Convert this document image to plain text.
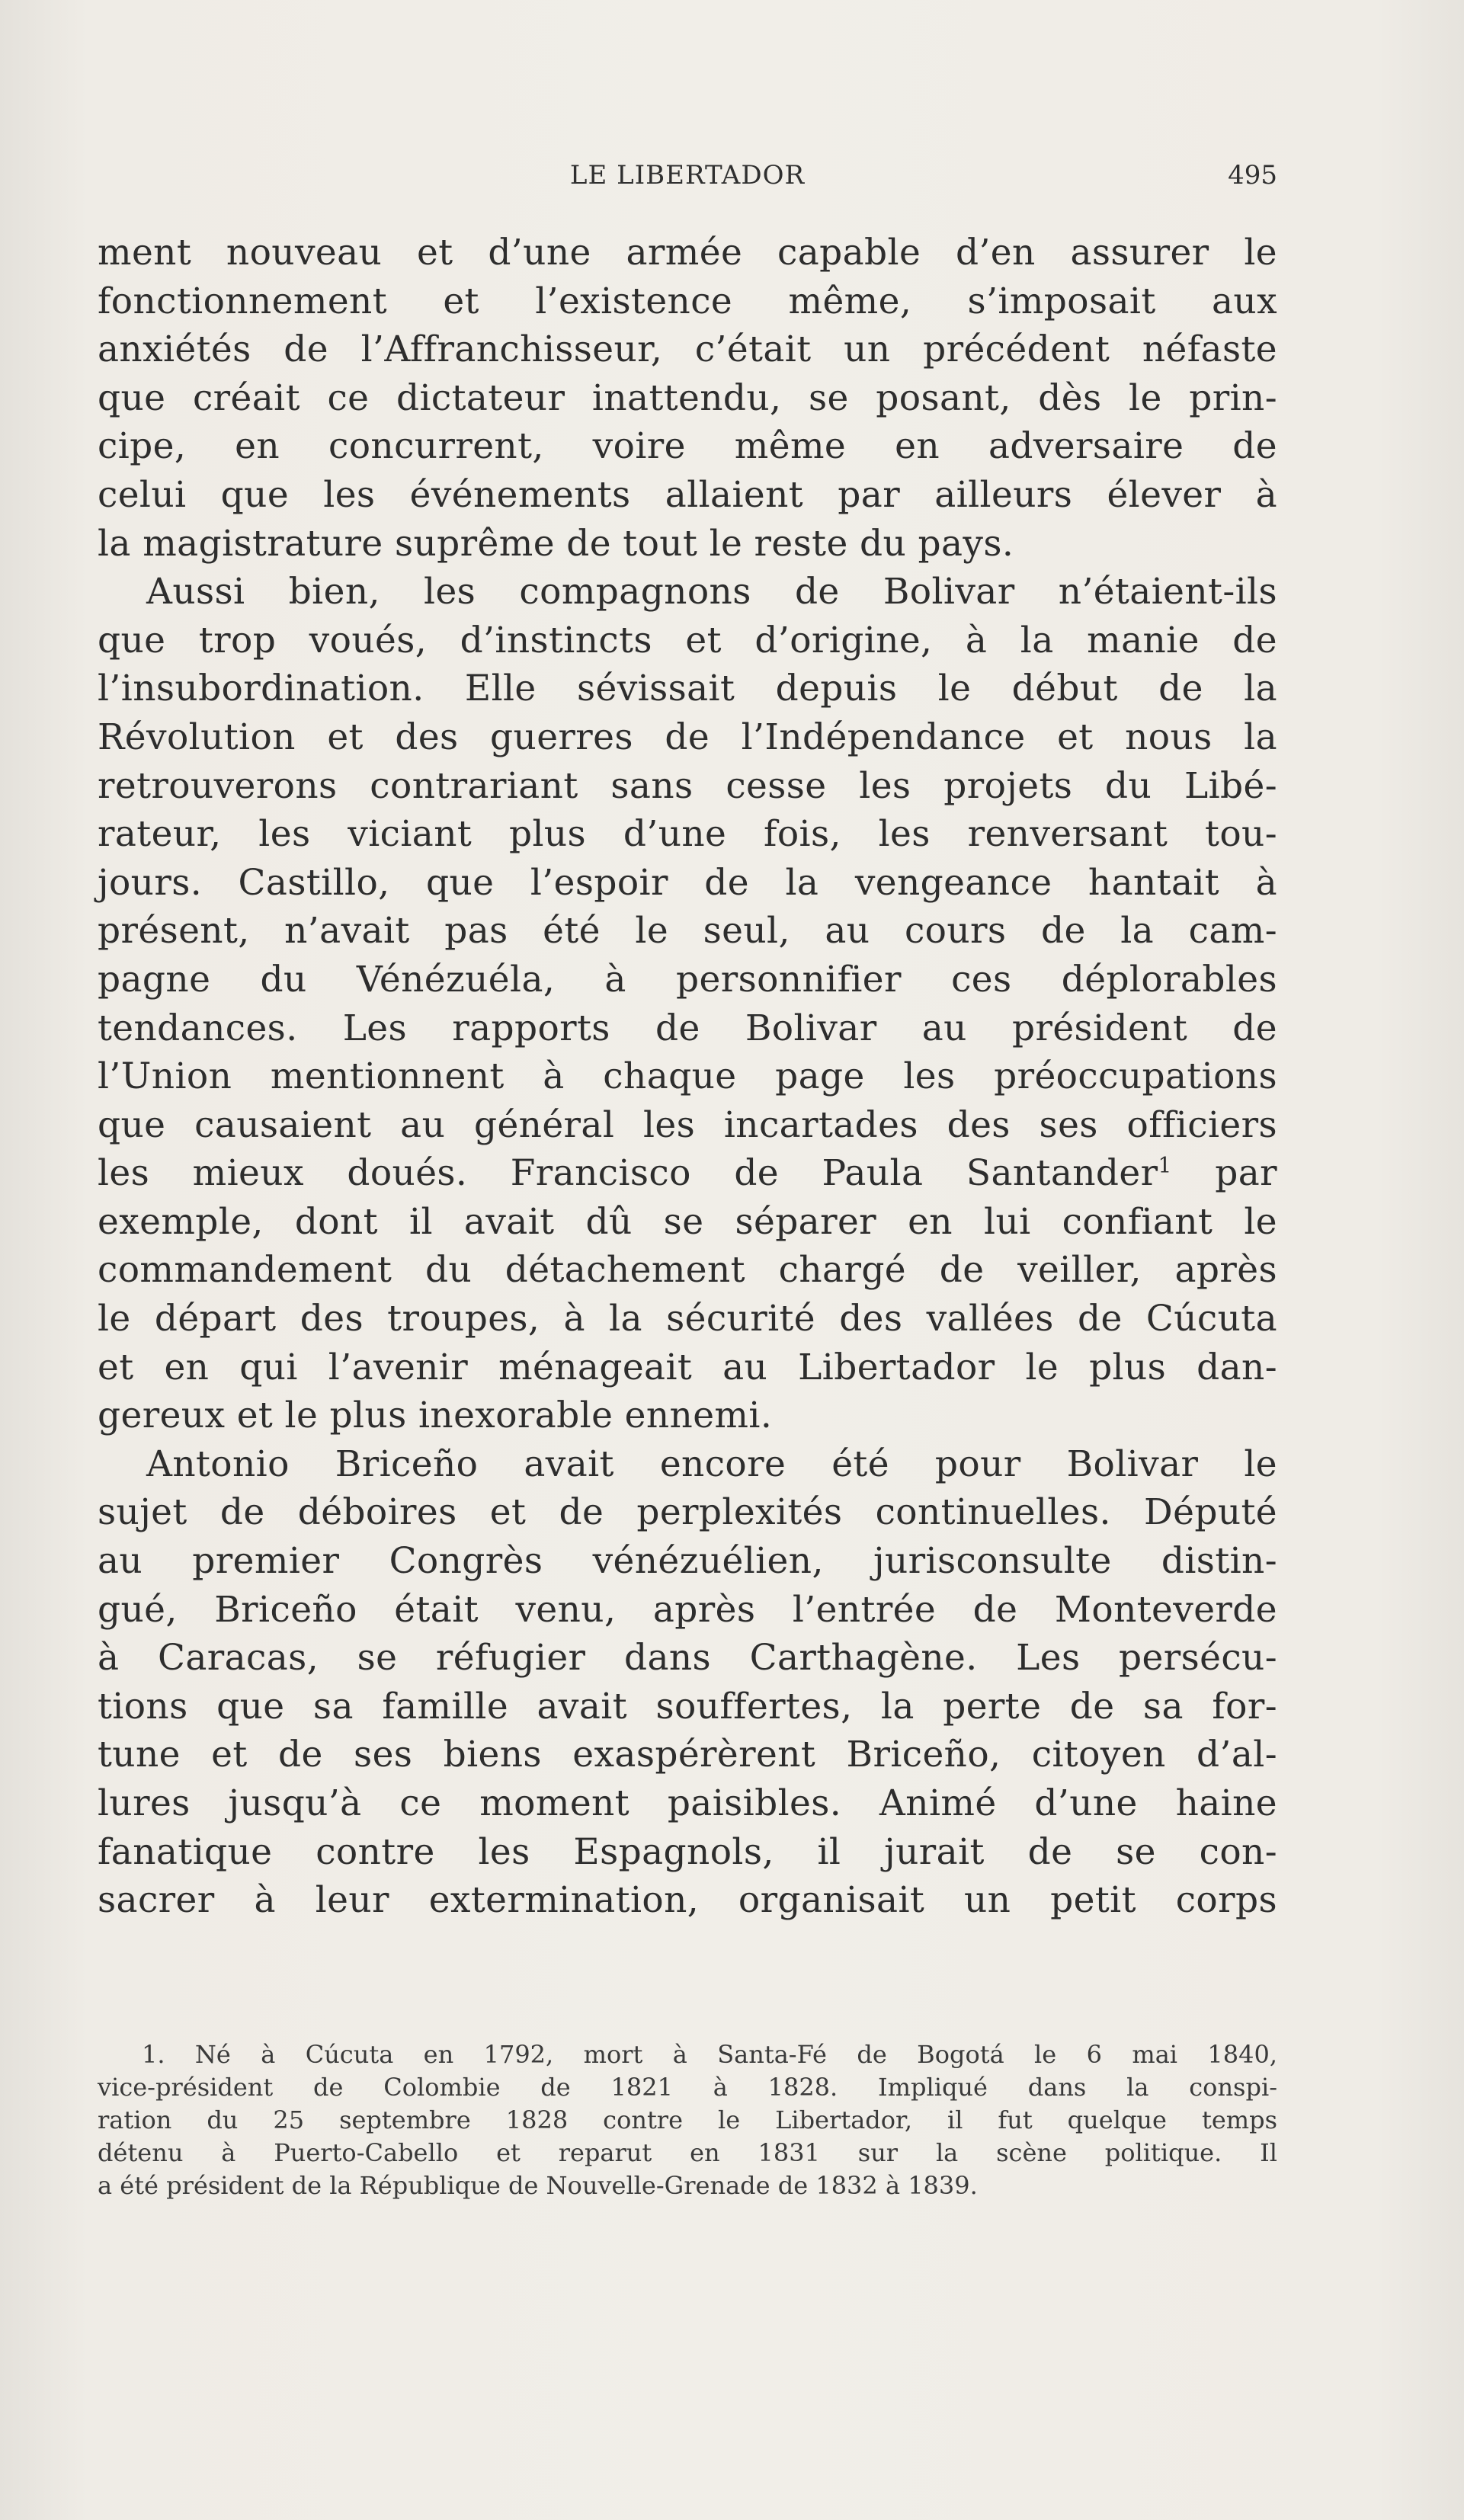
LE LIBERTADOR	495
ment nouveau et d’une armée capable d’en assurer le
fonctionnement et l’existence même, s’imposait aux
anxiétés de l’Affranchisseur, c’était un précédent néfaste
que créait ce dictateur inattendu, se posant, dès le prin-
cipe, en concurrent, voire même en adversaire de
celui que les événements allaient par ailleurs élever à
la magistrature suprême de tout le reste du pays.
Aussi bien, les compagnons de Bolivar n’étaient-ils
que trop voués, d’instincts et d’origine, à la manie de
l’insubordination. Elle sévissait depuis le début de la
Révolution et des guerres de l’Indépendance et nous la
retrouverons contrariant sans cesse les projets du Libé-
rateur, les viciant plus d’une fois, les renversant tou-
jours. Castillo, que l’espoir de la vengeance hantait à
présent, n’avait pas été le seul, au cours de la cam-
pagne du Vénézuéla, à personnifier ces déplorables
tendances. Les rapports de Bolivar au président de
l’Union mentionnent à chaque page les préoccupations
que causaient au général les incartades des ses officiers
les mieux doués. Francisco de Paula Santander$^1$ par
exemple, dont il avait dû se séparer en lui confiant le
commandement du détachement chargé de veiller, après
le départ des troupes, à la sécurité des vallées de Cúcuta
et en qui l’avenir ménageait au Libertador le plus dan-
gereux et le plus inexorable ennemi.
Antonio Briceño avait encore été pour Bolivar le
sujet de déboires et de perplexités continuelles. Député
au premier Congrès vénézuélien, jurisconsulte distin-
gué, Briceño était venu, après l’entrée de Monteverde
à Caracas, se réfugier dans Carthagène. Les persécu-
tions que sa famille avait souffertes, la perte de sa for-
tune et de ses biens exaspérèrent Briceño, citoyen d’al-
lures jusqu’à ce moment paisibles. Animé d’une haine
fanatique contre les Espagnols, il jurait de se con-
sacrer à leur extermination, organisait un petit corps
1. Né à Cúcuta en 1792, mort à Santa-Fé de Bogotá le 6 mai 1840,
vice-président de Colombie de 1821 à 1828. Impliqué dans la conspi-
ration du 25 septembre 1828 contre le Libertador, il fut quelque temps
détenu à Puerto-Cabello et reparut en 1831 sur la scène politique. Il
a été président de la République de Nouvelle-Grenade de 1832 à 1839.
